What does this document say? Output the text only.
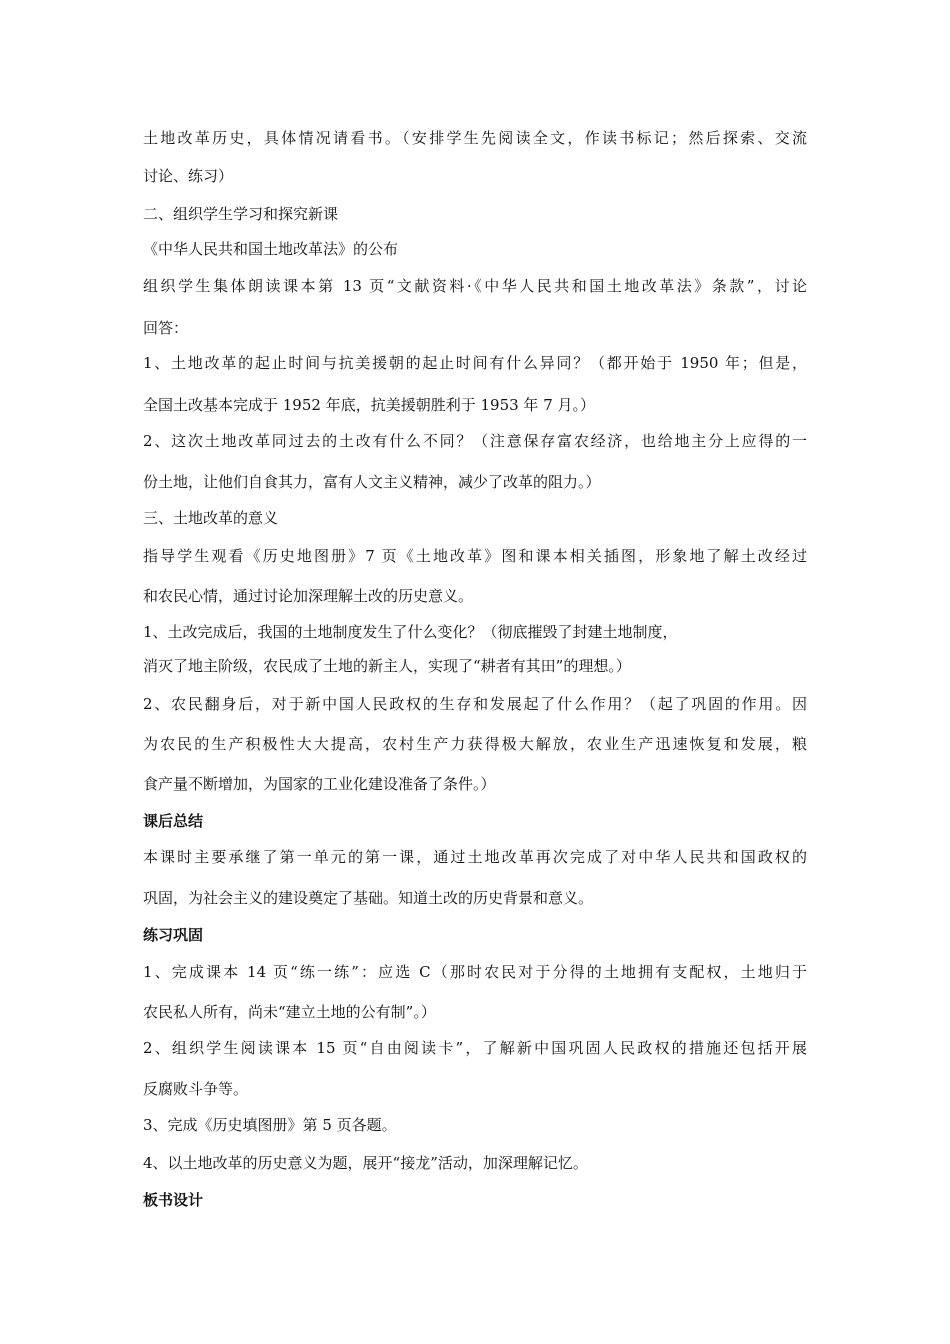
土地改革历史，具体情况请看书。（安排学生先阅读全文，作读书标记；然后探索、交流
讨论、练习）
二、组织学生学习和探究新课
《中华人民共和国土地改革法》的公布
组织学生集体朗读课本第 13 页“文献资料·《中华人民共和国土地改革法》条款”，讨论
回答：
1、土地改革的起止时间与抗美援朝的起止时间有什么异同？（都开始于 1950 年；但是，
全国土改基本完成于 1952 年底，抗美援朝胜利于 1953 年 7 月。）
2、这次土地改革同过去的土改有什么不同？（注意保存富农经济，也给地主分上应得的一
份土地，让他们自食其力，富有人文主义精神，减少了改革的阻力。）
三、土地改革的意义
指导学生观看《历史地图册》7 页《土地改革》图和课本相关插图，形象地了解土改经过
和农民心情，通过讨论加深理解土改的历史意义。
1、土改完成后，我国的土地制度发生了什么变化？（彻底摧毁了封建土地制度，
消灭了地主阶级，农民成了土地的新主人，实现了“耕者有其田”的理想。）
2、农民翻身后，对于新中国人民政权的生存和发展起了什么作用？（起了巩固的作用。因
为农民的生产积极性大大提高，农村生产力获得极大解放，农业生产迅速恢复和发展，粮
食产量不断增加，为国家的工业化建设准备了条件。）
课后总结
本课时主要承继了第一单元的第一课，通过土地改革再次完成了对中华人民共和国政权的
巩固，为社会主义的建设奠定了基础。知道土改的历史背景和意义。
练习巩固
1、完成课本 14 页“练一练”：应选 C（那时农民对于分得的土地拥有支配权，土地归于
农民私人所有，尚未“建立土地的公有制”。）
2、组织学生阅读课本 15 页“自由阅读卡”，了解新中国巩固人民政权的措施还包括开展
反腐败斗争等。
3、完成《历史填图册》第 5 页各题。
4、以土地改革的历史意义为题，展开“接龙”活动，加深理解记忆。
板书设计
